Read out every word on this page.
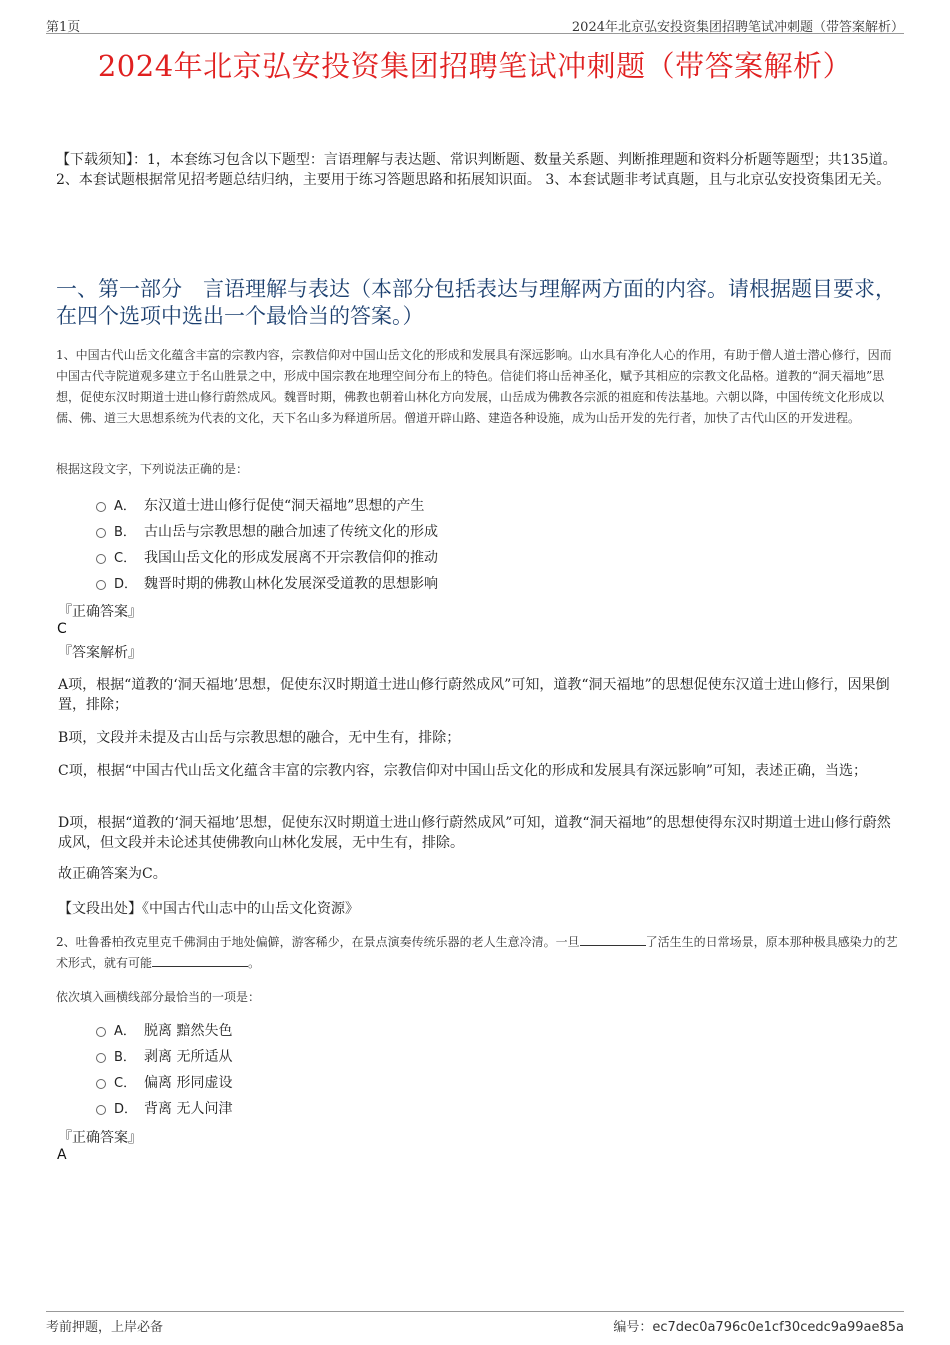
第1页	2024年北京弘安投资集团招聘笔试冲刺题（带答案解析）
2024年北京弘安投资集团招聘笔试冲刺题（带答案解析）
【下载须知】：1，本套练习包含以下题型：言语理解与表达题、常识判断题、数量关系题、判断推理题和资料分析题等题型；共135道。 2、本套试题根据常见招考题总结归纳，主要用于练习答题思路和拓展知识面。 3、本套试题非考试真题，且与北京弘安投资集团无关。
一、第一部分　言语理解与表达（本部分包括表达与理解两方面的内容。请根据题目要求，在四个选项中选出一个最恰当的答案。）
1、中国古代山岳文化蕴含丰富的宗教内容，宗教信仰对中国山岳文化的形成和发展具有深远影响。山水具有净化人心的作用，有助于僧人道士潜心修行，因而中国古代寺院道观多建立于名山胜景之中，形成中国宗教在地理空间分布上的特色。信徒们将山岳神圣化，赋予其相应的宗教文化品格。道教的“洞天福地”思想，促使东汉时期道士进山修行蔚然成风。魏晋时期，佛教也朝着山林化方向发展，山岳成为佛教各宗派的祖庭和传法基地。六朝以降，中国传统文化形成以儒、佛、道三大思想系统为代表的文化，天下名山多为释道所居。僧道开辟山路、建造各种设施，成为山岳开发的先行者，加快了古代山区的开发进程。
根据这段文字，下列说法正确的是：
A． 东汉道士进山修行促使“洞天福地”思想的产生
B． 古山岳与宗教思想的融合加速了传统文化的形成
C． 我国山岳文化的形成发展离不开宗教信仰的推动
D． 魏晋时期的佛教山林化发展深受道教的思想影响
『正确答案』
C
『答案解析』
A项，根据“道教的‘洞天福地’思想，促使东汉时期道士进山修行蔚然成风”可知，道教“洞天福地”的思想促使东汉道士进山修行，因果倒置，排除；
B项，文段并未提及古山岳与宗教思想的融合，无中生有，排除；
C项，根据“中国古代山岳文化蕴含丰富的宗教内容，宗教信仰对中国山岳文化的形成和发展具有深远影响”可知，表述正确，当选；
D项，根据“道教的‘洞天福地’思想，促使东汉时期道士进山修行蔚然成风”可知，道教“洞天福地”的思想使得东汉时期道士进山修行蔚然成风，但文段并未论述其使佛教向山林化发展，无中生有，排除。
故正确答案为C。
【文段出处】《中国古代山志中的山岳文化资源》
2、吐鲁番柏孜克里克千佛洞由于地处偏僻，游客稀少，在景点演奏传统乐器的老人生意冷清。一旦	了活生生的日常场景，原本那种极具感染力的艺术形式，就有可能	。
依次填入画横线部分最恰当的一项是：
A． 脱离 黯然失色
B． 剥离 无所适从
C． 偏离 形同虚设
D． 背离 无人问津
『正确答案』
A
考前押题，上岸必备	编号：ec7dec0a796c0e1cf30cedc9a99ae85a
